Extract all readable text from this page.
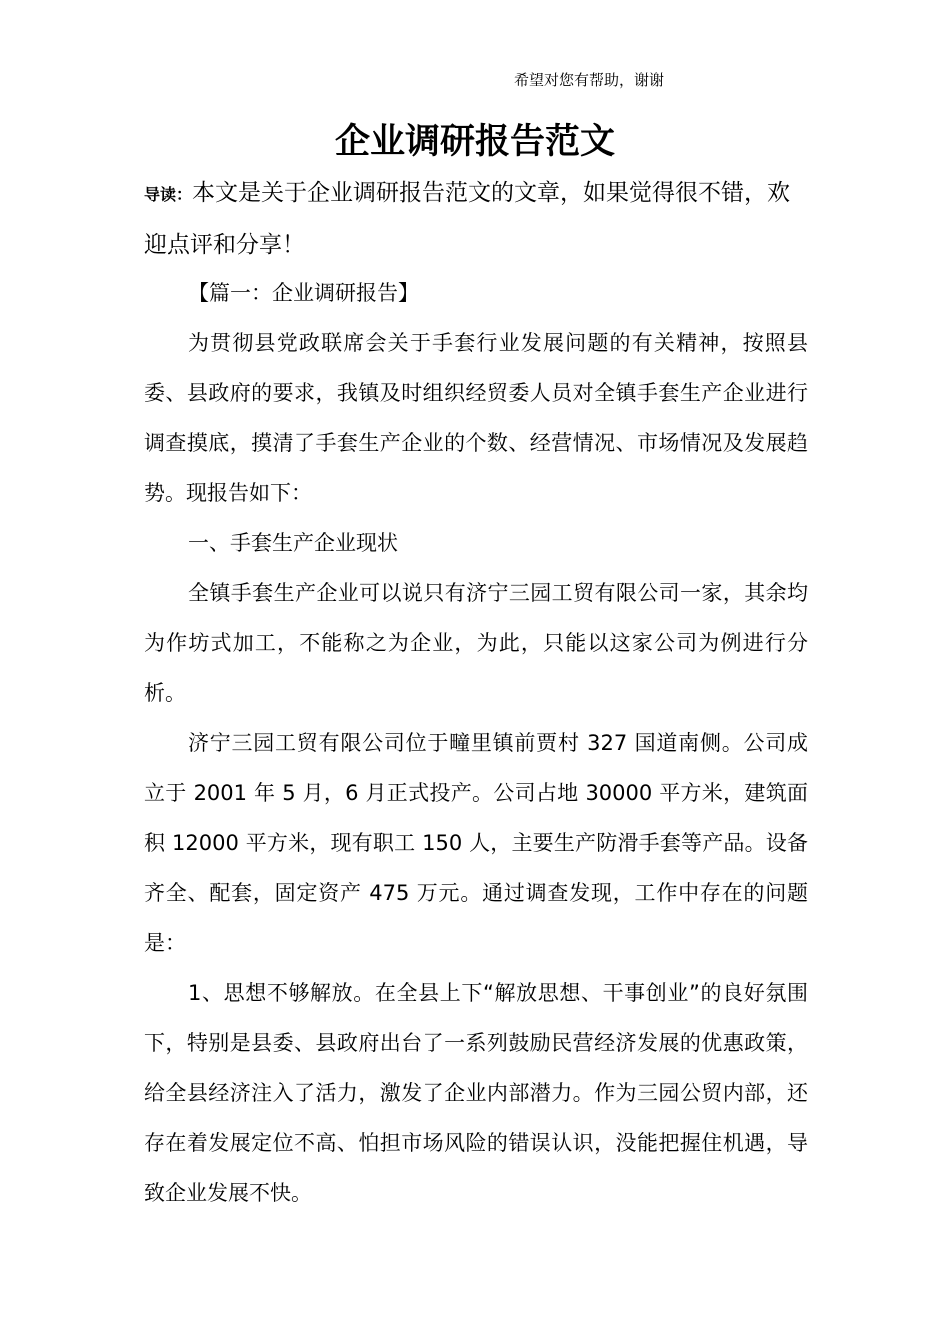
希望对您有帮助，谢谢
企业调研报告范文

导读：本文是关于企业调研报告范文的文章，如果觉得很不错，欢迎点评和分享！

【篇一：企业调研报告】

为贯彻县党政联席会关于手套行业发展问题的有关精神，按照县委、县政府的要求，我镇及时组织经贸委人员对全镇手套生产企业进行调查摸底，摸清了手套生产企业的个数、经营情况、市场情况及发展趋势。现报告如下：

一、手套生产企业现状

全镇手套生产企业可以说只有济宁三园工贸有限公司一家，其余均为作坊式加工，不能称之为企业，为此，只能以这家公司为例进行分析。

济宁三园工贸有限公司位于疃里镇前贾村 327 国道南侧。公司成立于 2001 年 5 月，6 月正式投产。公司占地 30000 平方米，建筑面积 12000 平方米，现有职工 150 人，主要生产防滑手套等产品。设备齐全、配套，固定资产 475 万元。通过调查发现，工作中存在的问题是：

1、思想不够解放。在全县上下“解放思想、干事创业”的良好氛围下，特别是县委、县政府出台了一系列鼓励民营经济发展的优惠政策，给全县经济注入了活力，激发了企业内部潜力。作为三园公贸内部，还存在着发展定位不高、怕担市场风险的错误认识，没能把握住机遇，导致企业发展不快。
